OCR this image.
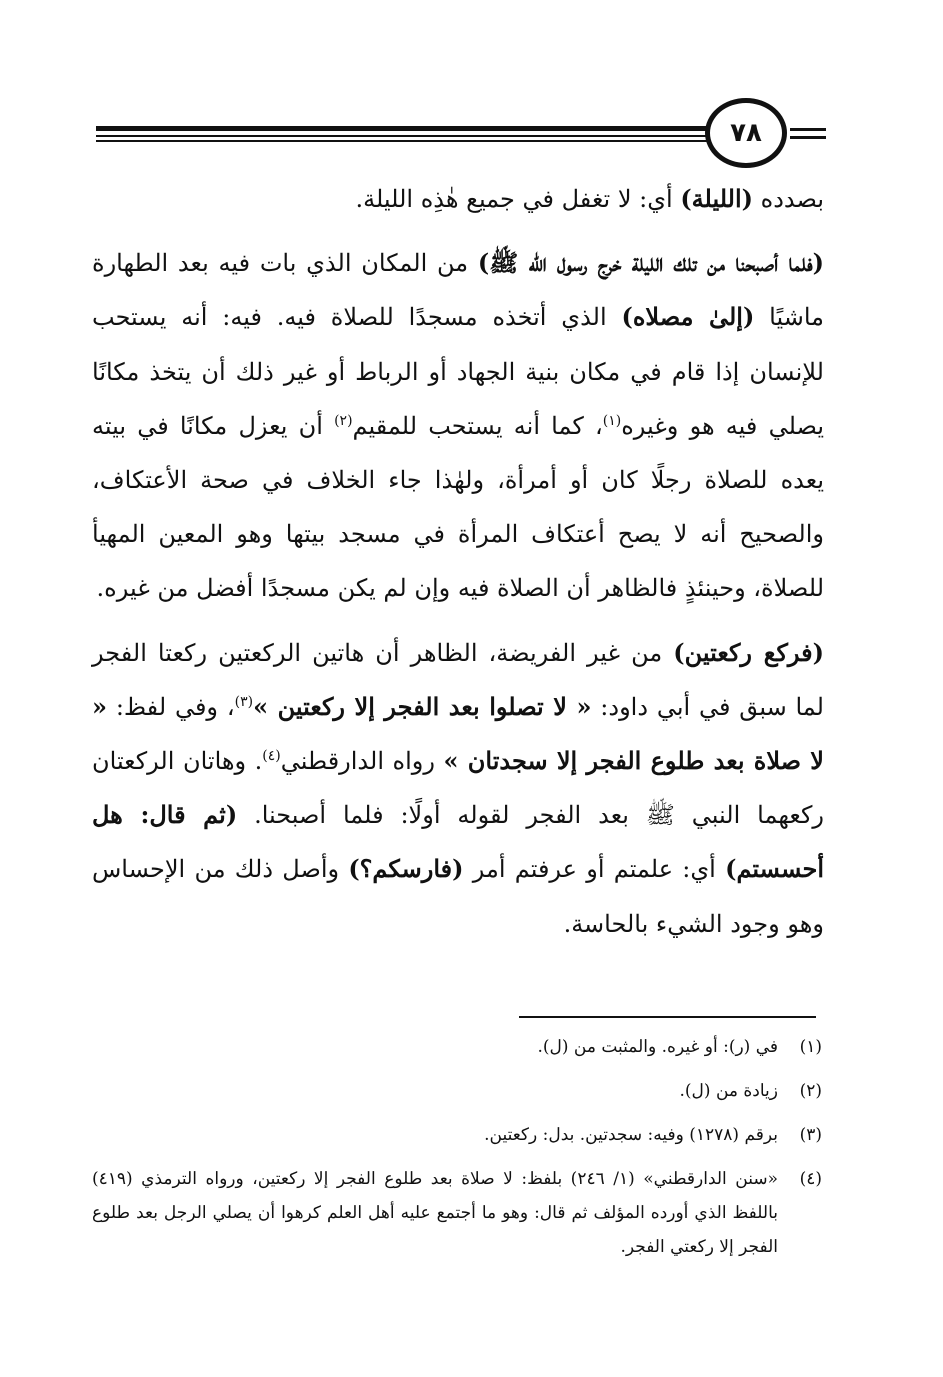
٧٨

بصدده (الليلة) أي: لا تغفل في جميع هٰذِه الليلة.

(فلما أصبحنا من تلك الليلة خرج رسول الله ﷺ) من المكان الذي بات فيه بعد الطهارة ماشيًا (إلىٰ مصلاه) الذي أتخذه مسجدًا للصلاة فيه. فيه: أنه يستحب للإنسان إذا قام في مكان بنية الجهاد أو الرباط أو غير ذلك أن يتخذ مكانًا يصلي فيه هو وغيره$^{(١)}$، كما أنه يستحب للمقيم$^{(٢)}$ أن يعزل مكانًا في بيته يعده للصلاة رجلًا كان أو أمرأة، ولهٰذا جاء الخلاف في صحة الأعتكاف، والصحيح أنه لا يصح أعتكاف المرأة في مسجد بيتها وهو المعين المهيأ للصلاة، وحينئذٍ فالظاهر أن الصلاة فيه وإن لم يكن مسجدًا أفضل من غيره.

(فركع ركعتين) من غير الفريضة، الظاهر أن هاتين الركعتين ركعتا الفجر لما سبق في أبي داود: « لا تصلوا بعد الفجر إلا ركعتين »$^{(٣)}$، وفي لفظ: « لا صلاة بعد طلوع الفجر إلا سجدتان » رواه الدارقطني$^{(٤)}$. وهاتان الركعتان ركعهما النبي ﷺ بعد الفجر لقوله أولًا: فلما أصبحنا. (ثم قال: هل أحسستم) أي: علمتم أو عرفتم أمر (فارسكم؟) وأصل ذلك من الإحساس وهو وجود الشيء بالحاسة.

(١)
في (ر): أو غيره. والمثبت من (ل).
(٢)
زيادة من (ل).
(٣)
برقم (١٢٧٨) وفيه: سجدتين. بدل: ركعتين.
(٤)
«سنن الدارقطني» (١/ ٢٤٦) بلفظ: لا صلاة بعد طلوع الفجر إلا ركعتين، ورواه الترمذي (٤١٩) باللفظ الذي أورده المؤلف ثم قال: وهو ما أجتمع عليه أهل العلم كرهوا أن يصلي الرجل بعد طلوع الفجر إلا ركعتي الفجر.
